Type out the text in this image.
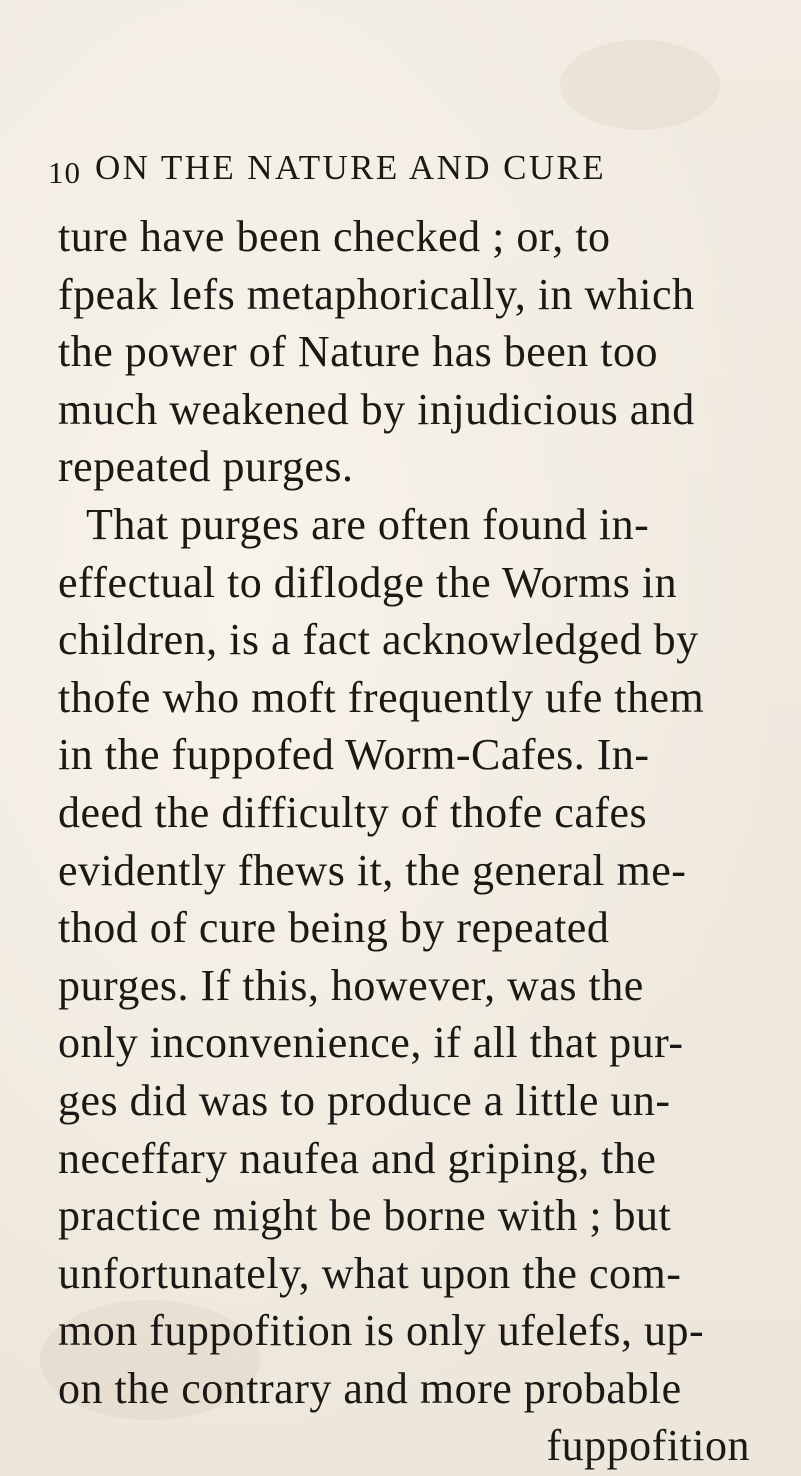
10 ON THE NATURE AND CURE
ture have been checked ; or, to
fpeak lefs metaphorically, in which
the power of Nature has been too
much weakened by injudicious and
repeated purges.
That purges are often found in-
effectual to diflodge the Worms in
children, is a fact acknowledged by
thofe who moft frequently ufe them
in the fuppofed Worm-Cafes. In-
deed the difficulty of thofe cafes
evidently fhews it, the general me-
thod of cure being by repeated
purges. If this, however, was the
only inconvenience, if all that pur-
ges did was to produce a little un-
neceffary naufea and griping, the
practice might be borne with ; but
unfortunately, what upon the com-
mon fuppofition is only ufelefs, up-
on the contrary and more probable
fuppofition
